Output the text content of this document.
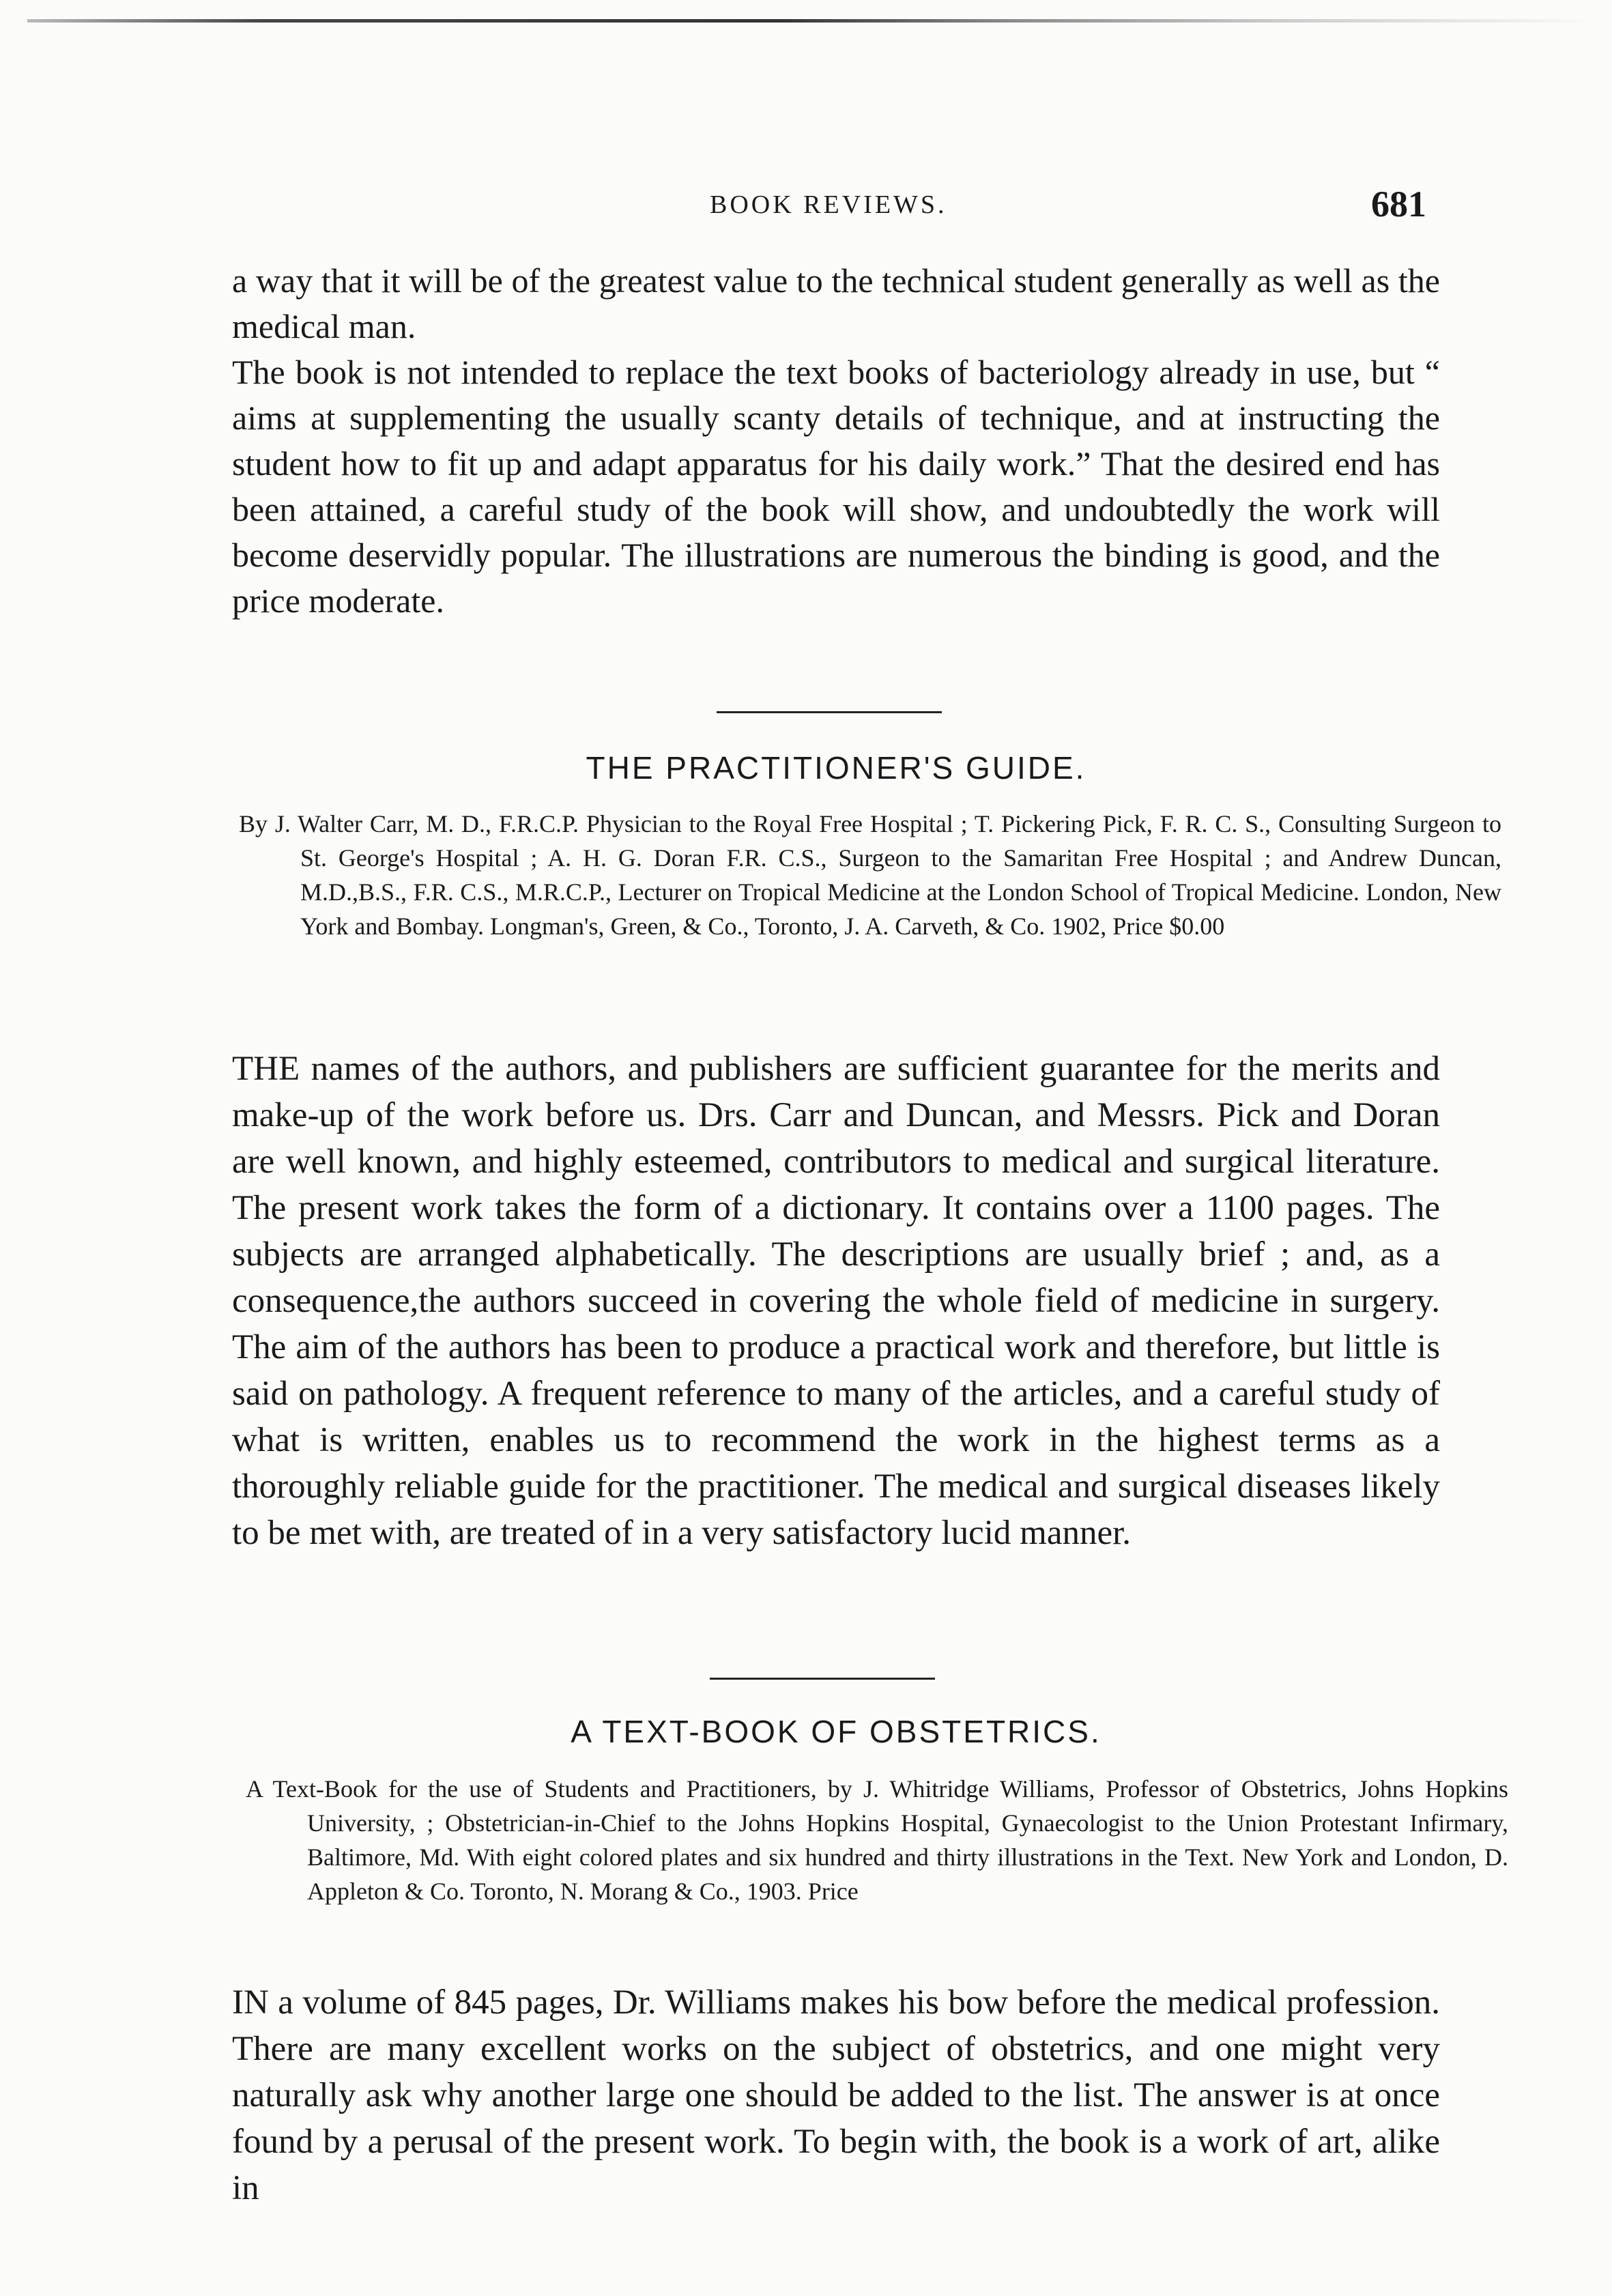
BOOK REVIEWS.	681
a way that it will be of the greatest value to the technical student generally as well as the medical man.
The book is not intended to replace the text books of bacteriology already in use, but “ aims at supplementing the usually scanty details of technique, and at instructing the student how to fit up and adapt apparatus for his daily work.” That the desired end has been attained, a careful study of the book will show, and undoubtedly the work will become deservidly popular. The illustrations are numerous the binding is good, and the price moderate.
THE PRACTITIONER'S GUIDE.
By J. Walter Carr, M. D., F.R.C.P. Physician to the Royal Free Hospital ; T. Pickering Pick, F. R. C. S., Consulting Surgeon to St. George's Hospital ; A. H. G. Doran F.R. C.S., Surgeon to the Samaritan Free Hospital ; and Andrew Duncan, M.D.,B.S., F.R. C.S., M.R.C.P., Lecturer on Tropical Medicine at the London School of Tropical Medicine. London, New York and Bombay. Longman's, Green, & Co., Toronto, J. A. Carveth, & Co. 1902, Price $0.00
THE names of the authors, and publishers are sufficient guarantee for the merits and make-up of the work before us. Drs. Carr and Duncan, and Messrs. Pick and Doran are well known, and highly esteemed, contributors to medical and surgical literature. The present work takes the form of a dictionary. It contains over a 1100 pages. The subjects are arranged alphabetically. The descriptions are usually brief ; and, as a consequence,the authors succeed in covering the whole field of medicine in surgery. The aim of the authors has been to produce a practical work and therefore, but little is said on pathology. A frequent reference to many of the articles, and a careful study of what is written, enables us to recommend the work in the highest terms as a thoroughly reliable guide for the practitioner. The medical and surgical diseases likely to be met with, are treated of in a very satisfactory lucid manner.
A TEXT-BOOK OF OBSTETRICS.
A Text-Book for the use of Students and Practitioners, by J. Whitridge Williams, Professor of Obstetrics, Johns Hopkins University, ; Obstetrician-in-Chief to the Johns Hopkins Hospital, Gynaecologist to the Union Protestant Infirmary, Baltimore, Md. With eight colored plates and six hundred and thirty illustrations in the Text. New York and London, D. Appleton & Co. Toronto, N. Morang & Co., 1903. Price
IN a volume of 845 pages, Dr. Williams makes his bow before the medical profession. There are many excellent works on the subject of obstetrics, and one might very naturally ask why another large one should be added to the list. The answer is at once found by a perusal of the present work. To begin with, the book is a work of art, alike in
